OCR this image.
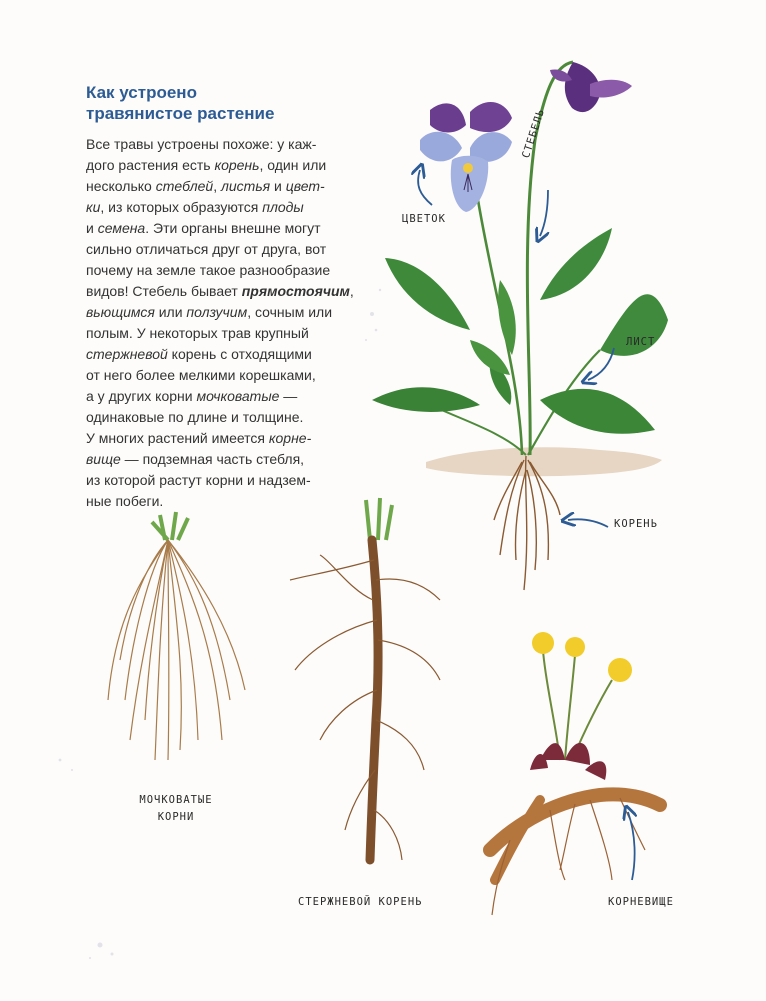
Как устроено
травянистое растение
Все травы устроены похоже: у каж-
дого растения есть корень, один или
несколько стеблей, листья и цвет-
ки, из которых образуются плоды
и семена. Эти органы внешне могут
сильно отличаться друг от друга, вот
почему на земле такое разнообразие
видов! Стебель бывает прямостоячим,
вьющимся или ползучим, сочным или
полым. У некоторых трав крупный
стержневой корень с отходящими
от него более мелкими корешками,
а у других корни мочковатые —
одинаковые по длине и толщине.
У многих растений имеется корне-
вище — подземная часть стебля,
из которой растут корни и надзем-
ные побеги.
ЦВЕТОК
СТЕБЕЛЬ
ЛИСТ
КОРЕНЬ
МОЧКОВАТЫЕ
КОРНИ
СТЕРЖНЕВОЙ КОРЕНЬ	КОРНЕВИЩЕ
